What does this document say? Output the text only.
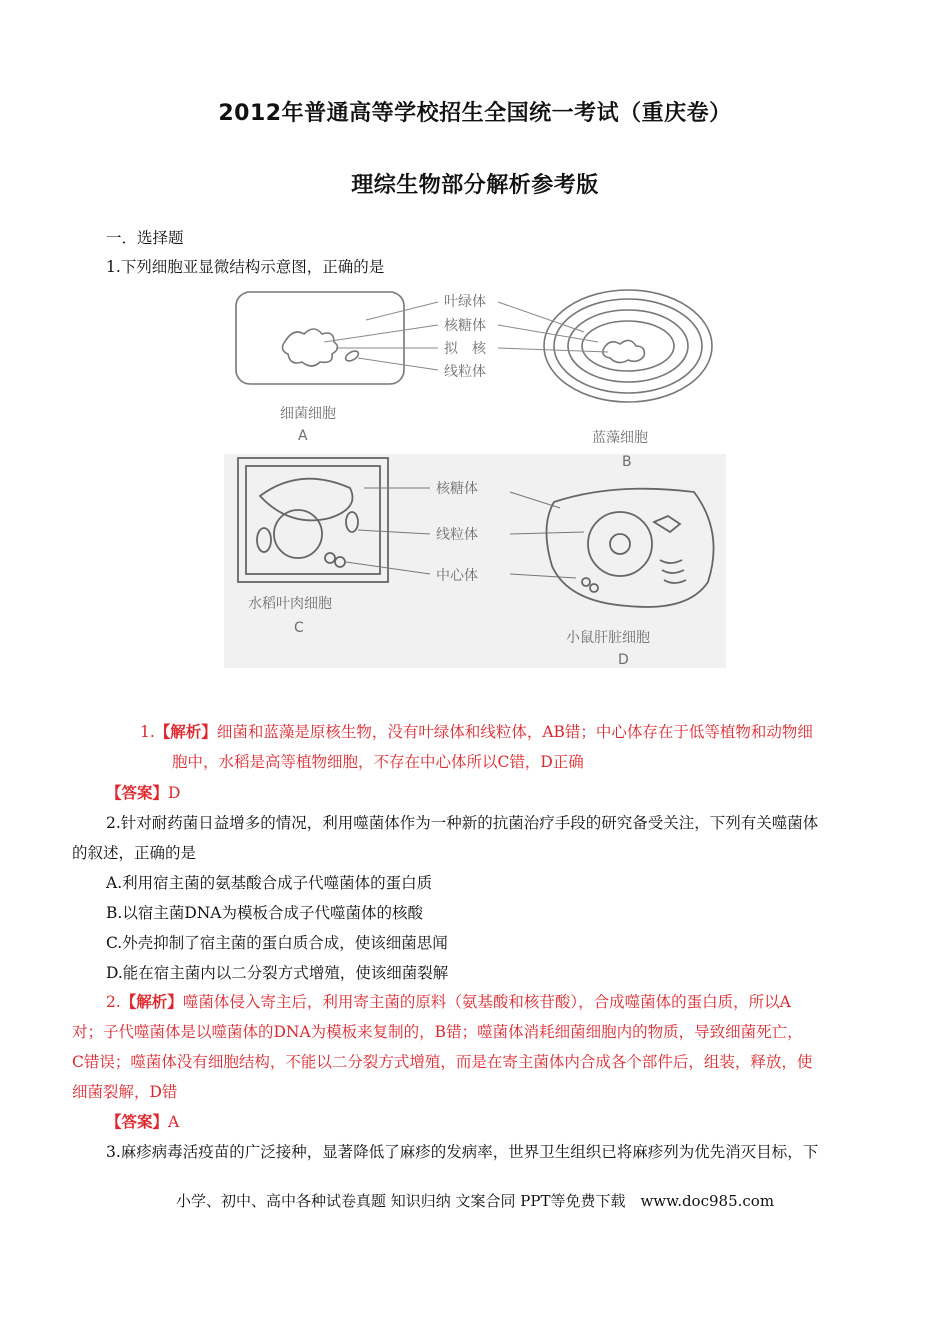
2012年普通高等学校招生全国统一考试（重庆卷）
理综生物部分解析参考版
一．选择题
1.下列细胞亚显微结构示意图，正确的是
叶绿体
核糖体
拟　核
线粒体
细菌细胞
A	蓝藻细胞
B
核糖体
线粒体
中心体
水稻叶肉细胞
C
小鼠肝脏细胞
D
1.【解析】细菌和蓝藻是原核生物，没有叶绿体和线粒体，AB错；中心体存在于低等植物和动物细
胞中，水稻是高等植物细胞，不存在中心体所以C错，D正确
【答案】D
2.针对耐药菌日益增多的情况，利用噬菌体作为一种新的抗菌治疗手段的研究备受关注，下列有关噬菌体
的叙述，正确的是
A.利用宿主菌的氨基酸合成子代噬菌体的蛋白质
B.以宿主菌DNA为模板合成子代噬菌体的核酸
C.外壳抑制了宿主菌的蛋白质合成，使该细菌思闻
D.能在宿主菌内以二分裂方式增殖，使该细菌裂解
2.【解析】噬菌体侵入寄主后，利用寄主菌的原料（氨基酸和核苷酸），合成噬菌体的蛋白质，所以A
对；子代噬菌体是以噬菌体的DNA为模板来复制的，B错；噬菌体消耗细菌细胞内的物质，导致细菌死亡，
C错误；噬菌体没有细胞结构，不能以二分裂方式增殖，而是在寄主菌体内合成各个部件后，组装，释放，使
细菌裂解，D错
【答案】A
3.麻疹病毒活疫苗的广泛接种，显著降低了麻疹的发病率，世界卫生组织已将麻疹列为优先消灭目标，下
小学、初中、高中各种试卷真题 知识归纳 文案合同 PPT等免费下载　www.doc985.com
